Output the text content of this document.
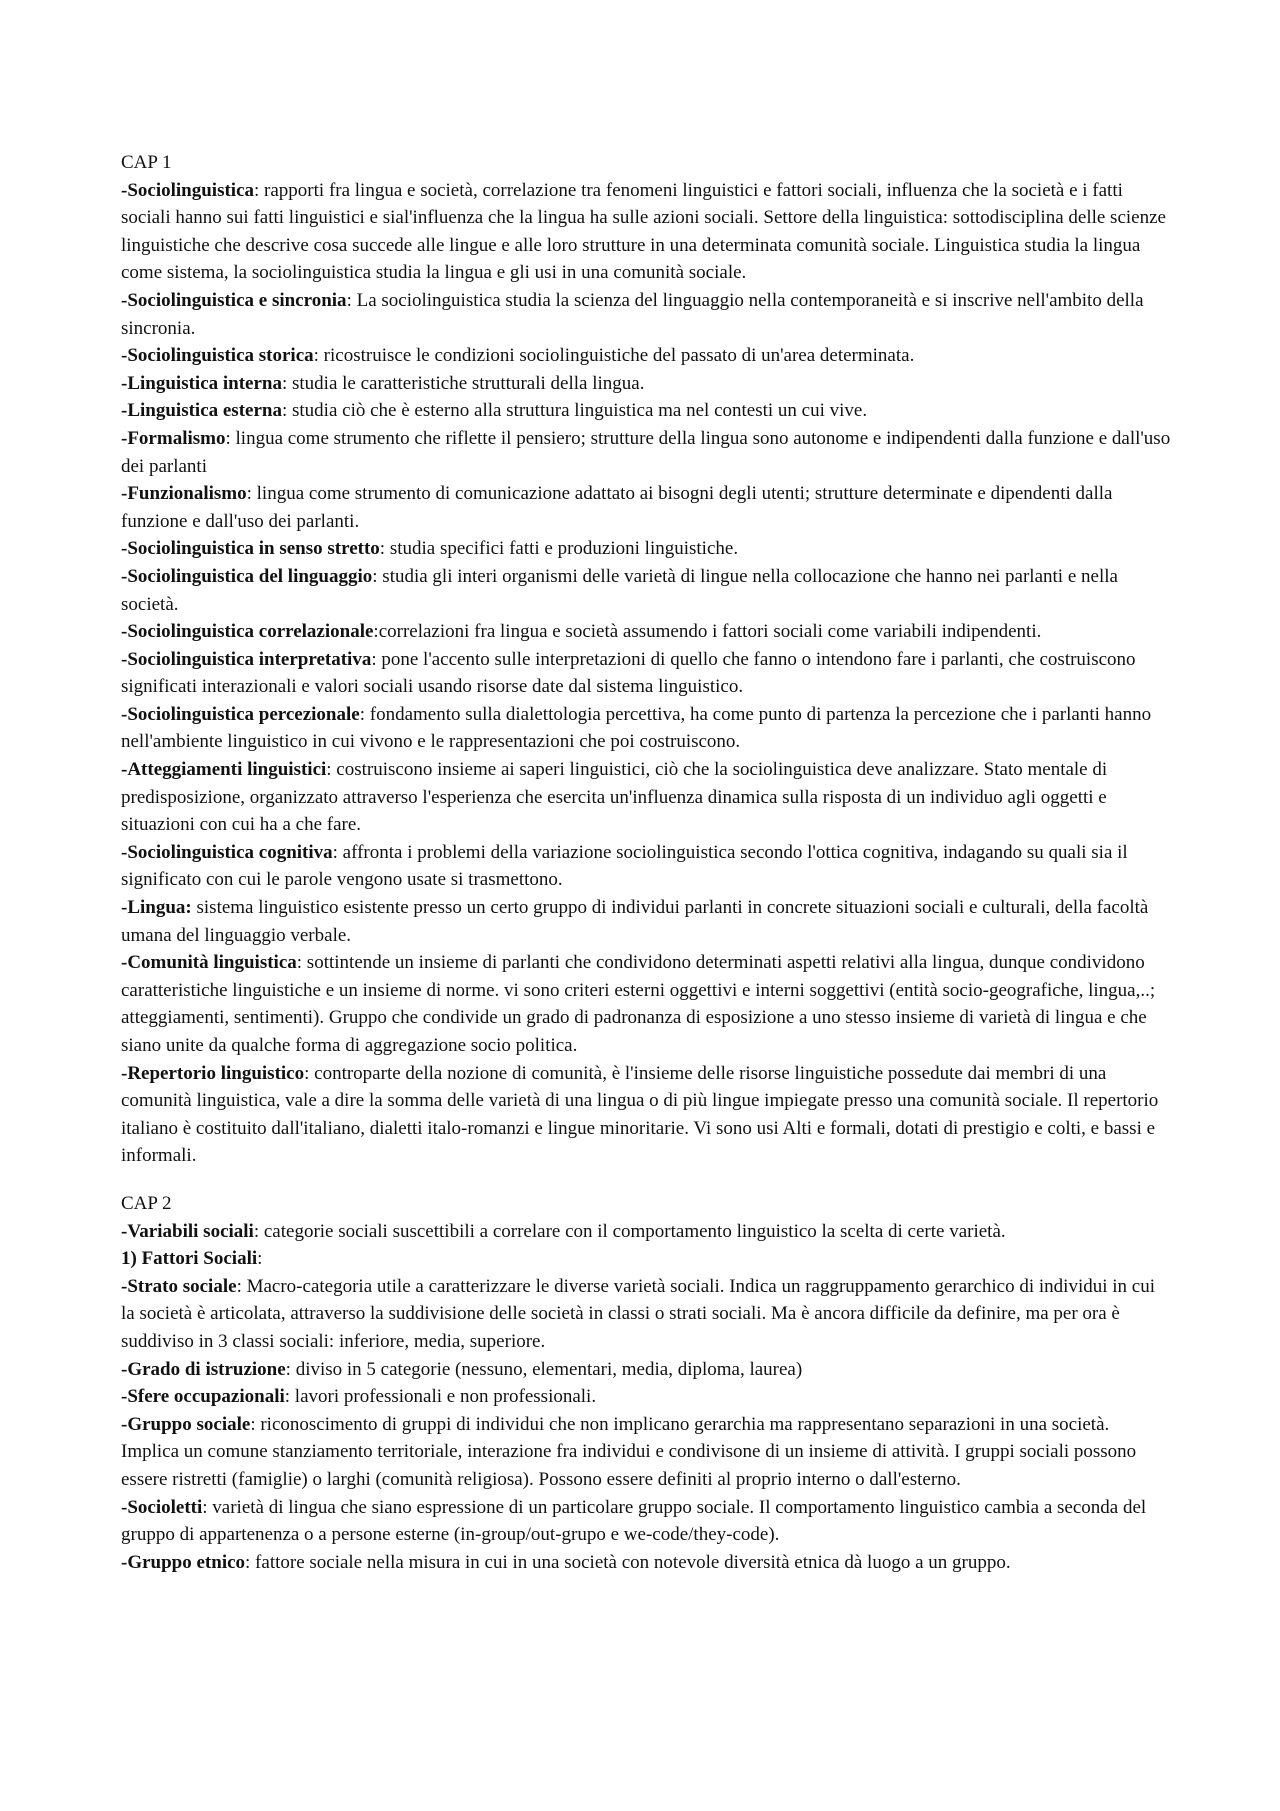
CAP 1

-Sociolinguistica: rapporti fra lingua e società, correlazione tra fenomeni linguistici e fattori sociali, influenza che la società e i fatti sociali hanno sui fatti linguistici e sial'influenza che la lingua ha sulle azioni sociali. Settore della linguistica: sottodisciplina delle scienze linguistiche che descrive cosa succede alle lingue e alle loro strutture in una determinata comunità sociale. Linguistica studia la lingua come sistema, la sociolinguistica studia la lingua e gli usi in una comunità sociale.

-Sociolinguistica e sincronia: La sociolinguistica studia la scienza del linguaggio nella contemporaneità e si inscrive nell'ambito della sincronia.

-Sociolinguistica storica: ricostruisce le condizioni sociolinguistiche del passato di un'area determinata.

-Linguistica interna: studia le caratteristiche strutturali della lingua.

-Linguistica esterna: studia ciò che è esterno alla struttura linguistica ma nel contesti un cui vive.

-Formalismo: lingua come strumento che riflette il pensiero; strutture della lingua sono autonome e indipendenti dalla funzione e dall'uso dei parlanti

-Funzionalismo: lingua come strumento di comunicazione adattato ai bisogni degli utenti; strutture determinate e dipendenti dalla funzione e dall'uso dei parlanti.

-Sociolinguistica in senso stretto: studia specifici fatti e produzioni linguistiche.

-Sociolinguistica del linguaggio: studia gli interi organismi delle varietà di lingue nella collocazione che hanno nei parlanti e nella società.

-Sociolinguistica correlazionale:correlazioni fra lingua e società assumendo i fattori sociali come variabili indipendenti.

-Sociolinguistica interpretativa: pone l'accento sulle interpretazioni di quello che fanno o intendono fare i parlanti, che costruiscono significati interazionali e valori sociali usando risorse date dal sistema linguistico.

-Sociolinguistica percezionale: fondamento sulla dialettologia percettiva, ha come punto di partenza la percezione che i parlanti hanno nell'ambiente linguistico in cui vivono e le rappresentazioni che poi costruiscono.

-Atteggiamenti linguistici: costruiscono insieme ai saperi linguistici, ciò che la sociolinguistica deve analizzare. Stato mentale di predisposizione, organizzato attraverso l'esperienza che esercita un'influenza dinamica sulla risposta di un individuo agli oggetti e situazioni con cui ha a che fare.

-Sociolinguistica cognitiva: affronta i problemi della variazione sociolinguistica secondo l'ottica cognitiva, indagando su quali sia il significato con cui le parole vengono usate si trasmettono.

-Lingua: sistema linguistico esistente presso un certo gruppo di individui parlanti in concrete situazioni sociali e culturali, della facoltà umana del linguaggio verbale.

-Comunità linguistica: sottintende un insieme di parlanti che condividono determinati aspetti relativi alla lingua, dunque condividono caratteristiche linguistiche e un insieme di norme. vi sono criteri esterni oggettivi e interni soggettivi (entità socio-geografiche, lingua,..; atteggiamenti, sentimenti). Gruppo che condivide un grado di padronanza di esposizione a uno stesso insieme di varietà di lingua e che siano unite da qualche forma di aggregazione socio politica.

-Repertorio linguistico: controparte della nozione di comunità, è l'insieme delle risorse linguistiche possedute dai membri di una comunità linguistica, vale a dire la somma delle varietà di una lingua o di più lingue impiegate presso una comunità sociale. Il repertorio italiano è costituito dall'italiano, dialetti italo-romanzi e lingue minoritarie. Vi sono usi Alti e formali, dotati di prestigio e colti, e bassi e informali.

CAP 2

-Variabili sociali: categorie sociali suscettibili a correlare con il comportamento linguistico la scelta di certe varietà.

1) Fattori Sociali:

-Strato sociale: Macro-categoria utile a caratterizzare le diverse varietà sociali. Indica un raggruppamento gerarchico di individui in cui la società è articolata, attraverso la suddivisione delle società in classi o strati sociali. Ma è ancora difficile da definire, ma per ora è suddiviso in 3 classi sociali: inferiore, media, superiore.

-Grado di istruzione: diviso in 5 categorie (nessuno, elementari, media, diploma, laurea)

-Sfere occupazionali: lavori professionali e non professionali.

-Gruppo sociale: riconoscimento di gruppi di individui che non implicano gerarchia ma rappresentano separazioni in una società. Implica un comune stanziamento territoriale, interazione fra individui e condivisone di un insieme di attività. I gruppi sociali possono essere ristretti (famiglie) o larghi (comunità religiosa). Possono essere definiti al proprio interno o dall'esterno.

-Socioletti: varietà di lingua che siano espressione di un particolare gruppo sociale. Il comportamento linguistico cambia a seconda del gruppo di appartenenza o a persone esterne (in-group/out-grupo e we-code/they-code).

-Gruppo etnico: fattore sociale nella misura in cui in una società con notevole diversità etnica dà luogo a un gruppo.
